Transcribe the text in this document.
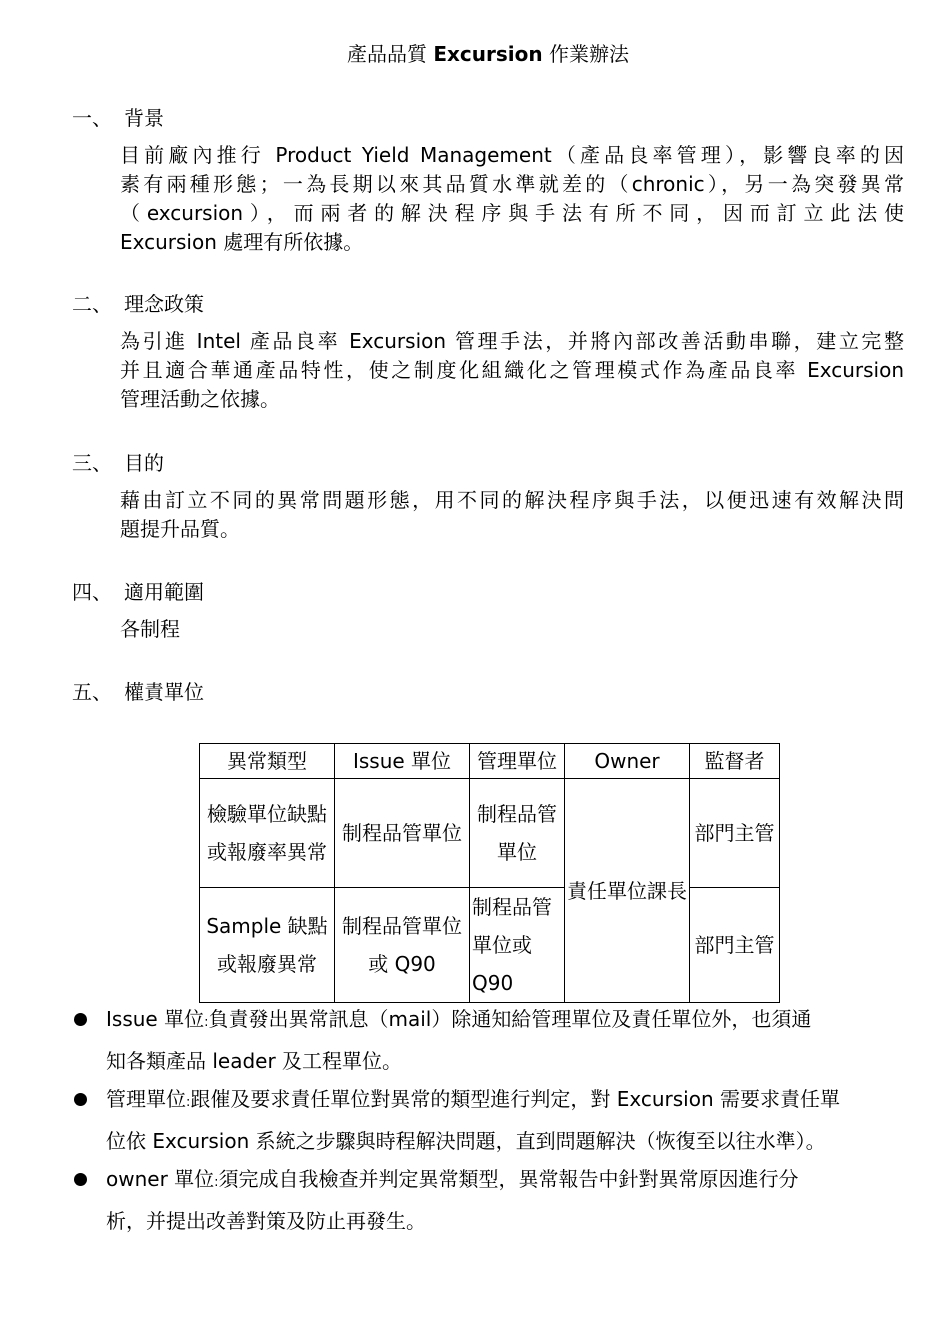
產品品質 Excursion 作業辦法
一、 背景
目前廠內推行 Product Yield Management（產品良率管理），影響良率的因
素有兩種形態；一為長期以來其品質水準就差的（chronic），另一為突發異常
（excursion），而兩者的解決程序與手法有所不同，因而訂立此法使
Excursion 處理有所依據。
二、 理念政策
為引進 Intel 產品良率 Excursion 管理手法，并將內部改善活動串聯，建立完整
并且適合華通產品特性，使之制度化組織化之管理模式作為產品良率 Excursion
管理活動之依據。
三、 目的
藉由訂立不同的異常問題形態，用不同的解決程序與手法，以便迅速有效解決問
題提升品質。
四、 適用範圍
各制程
五、 權責單位
異常類型	Issue 單位	管理單位	Owner	監督者
檢驗單位缺點或報廢率異常	制程品管單位	制程品管單位	責任單位課長	部門主管
Sample 缺點或報廢異常	制程品管單位或 Q90	制程品管單位或Q90		部門主管
Issue 單位:負責發出異常訊息（mail）除通知給管理單位及責任單位外，也須通
知各類產品 leader 及工程單位。
管理單位:跟催及要求責任單位對異常的類型進行判定，對 Excursion 需要求責任單
位依 Excursion 系統之步驟與時程解決問題，直到問題解決（恢復至以往水準）。
owner 單位:須完成自我檢查并判定異常類型，異常報告中針對異常原因進行分
析，并提出改善對策及防止再發生。
